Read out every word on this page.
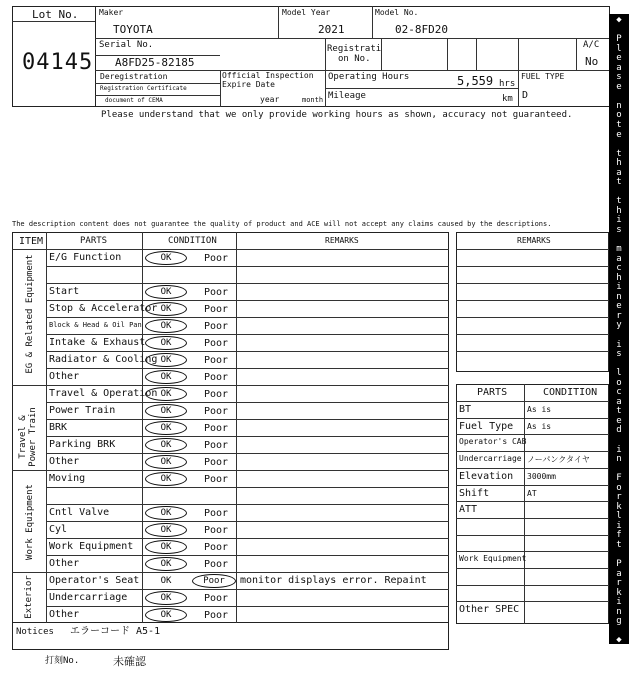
Lot No.
04145
Maker
TOYOTA
Model Year
2021
Model No.
02-8FD20
Serial No.
A8FD25-82185
Registrati
on No.
A/C
No
Deregistration
Registration Certificate
document of CEMA
Official Inspection
Expire Date
year	month
Operating Hours	5,559 hrs
Mileage	km
FUEL TYPE
D
Please understand that we only provide working hours as shown, accuracy not guaranteed.
The description content does not guarantee the quality of product and ACE will not accept any claims caused by the descriptions.
E/G Function	OK	Poor
Start	OK	Poor
Stop & Accelerator OK	Poor
Block & Head & Oil Pan	OK	Poor
Intake & Exhaust	OK	Poor
Radiator & Cooling OK	Poor
Other	OK	Poor
Travel & Operation OK	Poor
Power Train	OK	Poor
BRK	OK	Poor
Parking BRK	OK	Poor
Other	OK	Poor
Moving	OK	Poor
Cntl Valve	OK	Poor
Cyl	OK	Poor
Work Equipment	OK	Poor
Other	OK	Poor
Operator's Seat	OK	Poor	monitor displays error. Repaint
Undercarriage	OK	Poor
Other	OK	Poor
ITEM	PARTS	CONDITION	REMARKS
EG & Related Equipment
Travel & Power Train
Work Equipment
Exterior
Notices エラーコード A5-1
REMARKS
PARTS	CONDITION
BT	As is
Fuel Type As is
Operator's CAB
Undercarriage ノーパンクタイヤ
Elevation 3000mm
Shift	AT
ATT
Work Equipment
Other SPEC
打刻No.	未確認
◆
P
l
e
a
s
e
n
o
t
e
t
h
a
t
t
h
i
s
m
a
c
h
i
n
e
r
y
i
s
l
o
c
a
t
e
d
i
n
F
o
r
k
l
i
f
t
P
a
r
k
i
n
g
◆
